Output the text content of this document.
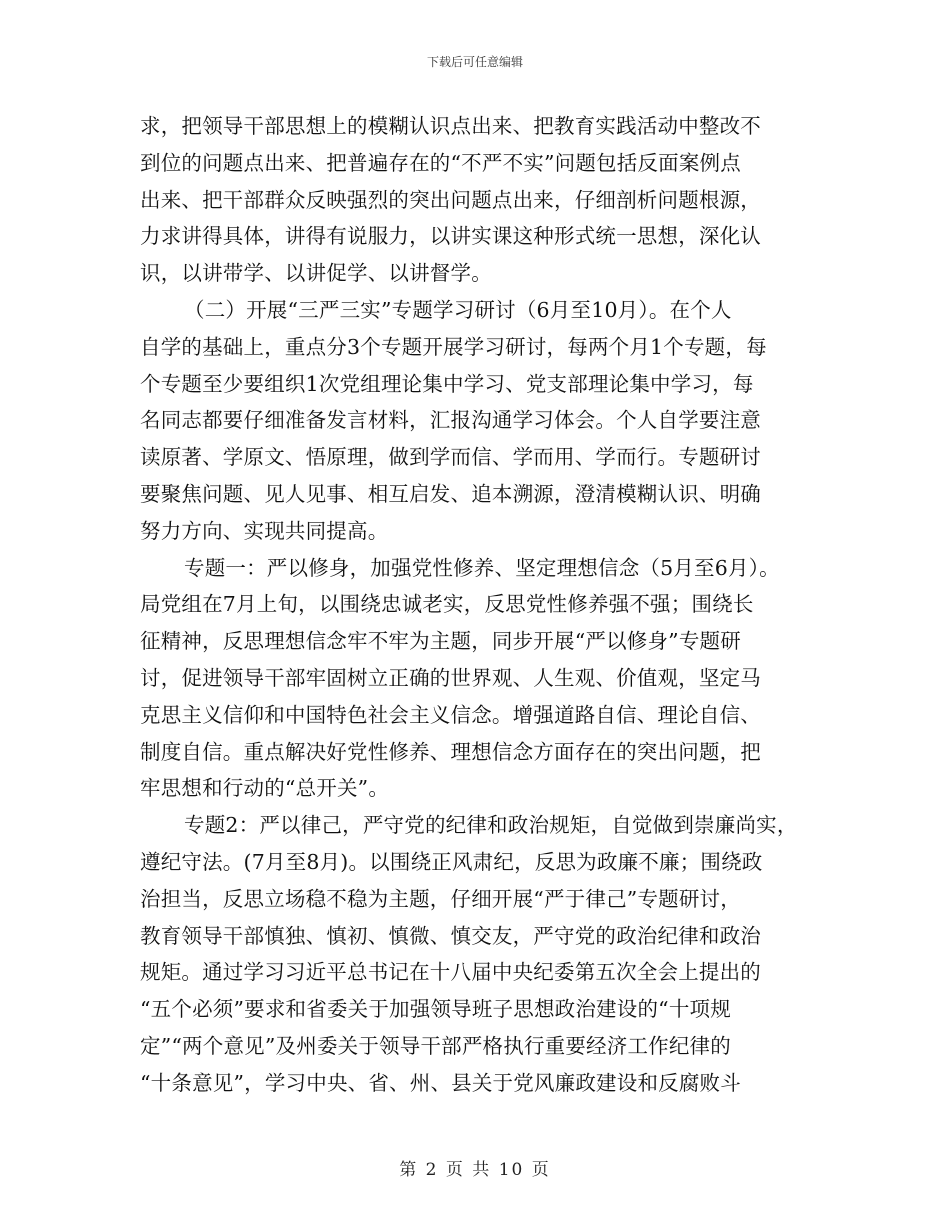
下载后可任意编辑
求，把领导干部思想上的模糊认识点出来、把教育实践活动中整改不
到位的问题点出来、把普遍存在的“不严不实”问题包括反面案例点
出来、把干部群众反映强烈的突出问题点出来，仔细剖析问题根源，
力求讲得具体，讲得有说服力，以讲实课这种形式统一思想，深化认
识，以讲带学、以讲促学、以讲督学。
（二）开展“三严三实”专题学习研讨（6月至10月）。在个人
自学的基础上，重点分3个专题开展学习研讨，每两个月1个专题，每
个专题至少要组织1次党组理论集中学习、党支部理论集中学习，每
名同志都要仔细准备发言材料，汇报沟通学习体会。个人自学要注意
读原著、学原文、悟原理，做到学而信、学而用、学而行。专题研讨
要聚焦问题、见人见事、相互启发、追本溯源，澄清模糊认识、明确
努力方向、实现共同提高。
专题一：严以修身，加强党性修养、坚定理想信念（5月至6月）。
局党组在7月上旬，以围绕忠诚老实，反思党性修养强不强；围绕长
征精神，反思理想信念牢不牢为主题，同步开展“严以修身”专题研
讨，促进领导干部牢固树立正确的世界观、人生观、价值观，坚定马
克思主义信仰和中国特色社会主义信念。增强道路自信、理论自信、
制度自信。重点解决好党性修养、理想信念方面存在的突出问题，把
牢思想和行动的“总开关”。
专题2：严以律己，严守党的纪律和政治规矩，自觉做到崇廉尚实，
遵纪守法。(7月至8月)。以围绕正风肃纪，反思为政廉不廉；围绕政
治担当，反思立场稳不稳为主题，仔细开展“严于律己”专题研讨，
教育领导干部慎独、慎初、慎微、慎交友，严守党的政治纪律和政治
规矩。通过学习习近平总书记在十八届中央纪委第五次全会上提出的
“五个必须”要求和省委关于加强领导班子思想政治建设的“十项规
定”“两个意见”及州委关于领导干部严格执行重要经济工作纪律的
“十条意见”，学习中央、省、州、县关于党风廉政建设和反腐败斗
第 2 页 共 10 页
